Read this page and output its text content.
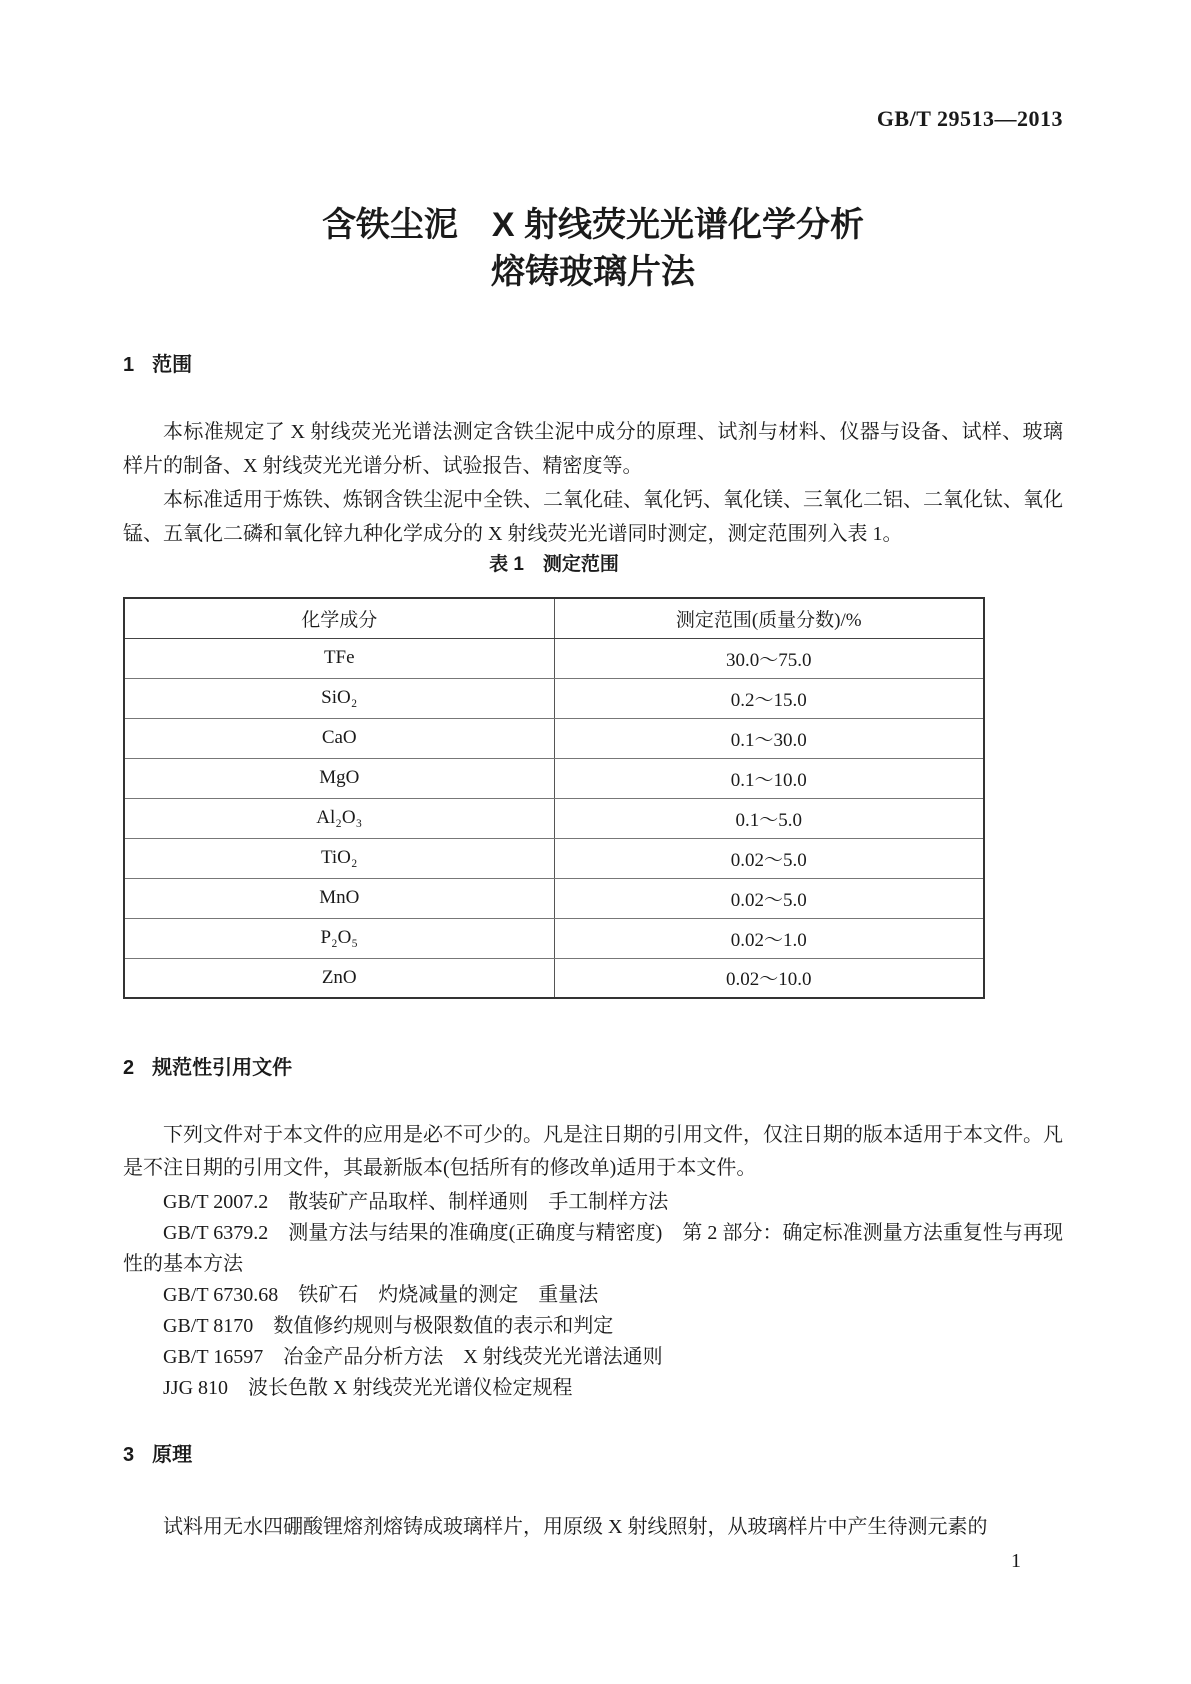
GB/T 29513—2013
含铁尘泥　X 射线荧光光谱化学分析
熔铸玻璃片法
1 范围

本标准规定了 X 射线荧光光谱法测定含铁尘泥中成分的原理、试剂与材料、仪器与设备、试样、玻璃样片的制备、X 射线荧光光谱分析、试验报告、精密度等。

本标准适用于炼铁、炼钢含铁尘泥中全铁、二氧化硅、氧化钙、氧化镁、三氧化二铝、二氧化钛、氧化锰、五氧化二磷和氧化锌九种化学成分的 X 射线荧光光谱同时测定，测定范围列入表 1。

表 1　测定范围
化学成分	测定范围(质量分数)/%
TFe	30.0～75.0
SiO₂	0.2～15.0
CaO	0.1～30.0
MgO	0.1～10.0
Al₂O₃	0.1～5.0
TiO₂	0.02～5.0
MnO	0.02～5.0
P₂O₅	0.02～1.0
ZnO	0.02～10.0
2 规范性引用文件

下列文件对于本文件的应用是必不可少的。凡是注日期的引用文件，仅注日期的版本适用于本文件。凡是不注日期的引用文件，其最新版本(包括所有的修改单)适用于本文件。

GB/T 2007.2　散装矿产品取样、制样通则　手工制样方法
GB/T 6379.2　测量方法与结果的准确度(正确度与精密度)　第 2 部分：确定标准测量方法重复性与再现性的基本方法
GB/T 6730.68　铁矿石　灼烧减量的测定　重量法
GB/T 8170　数值修约规则与极限数值的表示和判定
GB/T 16597　冶金产品分析方法　X 射线荧光光谱法通则
JJG 810　波长色散 X 射线荧光光谱仪检定规程
3 原理

试料用无水四硼酸锂熔剂熔铸成玻璃样片，用原级 X 射线照射，从玻璃样片中产生待测元素的

1
